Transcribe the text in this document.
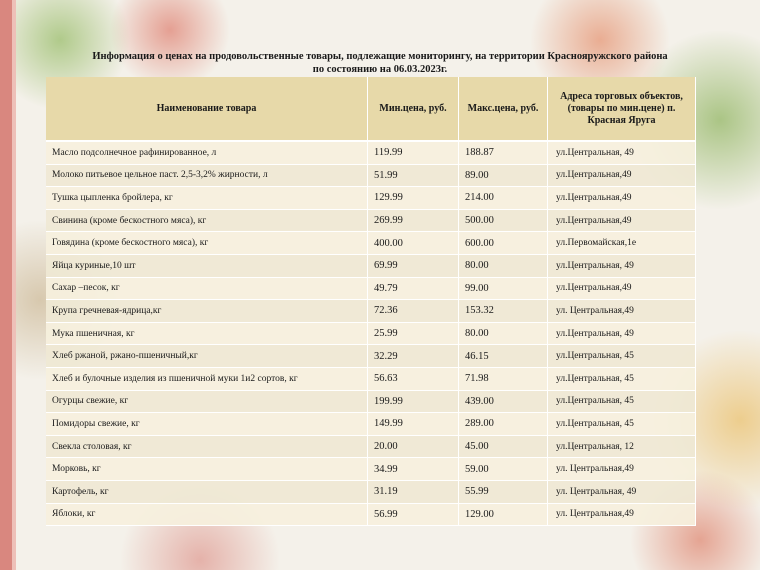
Информация о ценах на продовольственные товары, подлежащие мониторингу, на территории Краснояружского района
по состоянию на 06.03.2023г.
Наименование товара	Мин.цена, руб.	Макс.цена, руб.	Адреса торговых объектов, (товары по мин.цене) п. Красная Яруга
Масло подсолнечное рафинированное, л	119.99	188.87	ул.Центральная, 49
Молоко питьевое цельное паст. 2,5-3,2% жирности, л	51.99	89.00	ул.Центральная,49
Тушка цыпленка бройлера, кг	129.99	214.00	ул.Центральная,49
Свинина (кроме бескостного мяса), кг	269.99	500.00	ул.Центральная,49
Говядина (кроме бескостного мяса), кг	400.00	600.00	ул.Первомайская,1е
Яйца куриные,10 шт	69.99	80.00	ул.Центральная, 49
Сахар –песок, кг	49.79	99.00	ул.Центральная,49
Крупа гречневая-ядрица,кг	72.36	153.32	ул. Центральная,49
Мука пшеничная, кг	25.99	80.00	ул.Центральная, 49
Хлеб ржаной, ржано-пшеничный,кг	32.29	46.15	ул.Центральная, 45
Хлеб и булочные изделия из пшеничной муки 1и2 сортов, кг	56.63	71.98	ул.Центральная, 45
Огурцы свежие, кг	199.99	439.00	ул.Центральная, 45
Помидоры свежие, кг	149.99	289.00	ул.Центральная, 45
Свекла столовая, кг	20.00	45.00	ул.Центральная, 12
Морковь, кг	34.99	59.00	ул. Центральная,49
Картофель, кг	31.19	55.99	ул. Центральная, 49
Яблоки, кг	56.99	129.00	ул. Центральная,49
